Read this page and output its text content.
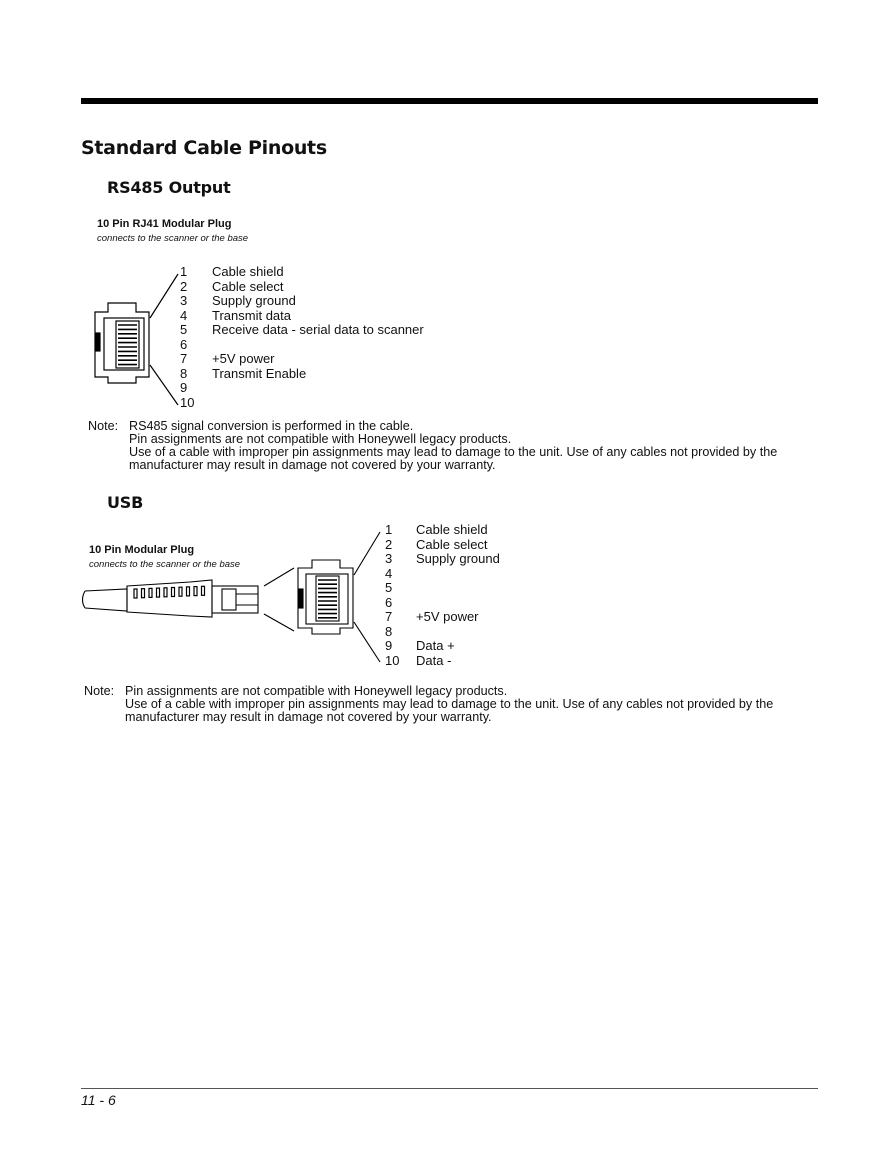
Standard Cable Pinouts
RS485 Output
10 Pin RJ41 Modular Plug
connects to the scanner or the base
1 Cable shield
2 Cable select
3 Supply ground
4 Transmit data
5 Receive data - serial data to scanner
6
7 +5V power
8 Transmit Enable
9
10
Note: RS485 signal conversion is performed in the cable.
Pin assignments are not compatible with Honeywell legacy products.
Use of a cable with improper pin assignments may lead to damage to the unit. Use of any cables not provided by the
manufacturer may result in damage not covered by your warranty.
USB
10 Pin Modular Plug
connects to the scanner or the base
1 Cable shield
2 Cable select
3 Supply ground
4
5
6
7 +5V power
8
9 Data +
10 Data -
Note: Pin assignments are not compatible with Honeywell legacy products.
Use of a cable with improper pin assignments may lead to damage to the unit. Use of any cables not provided by the
manufacturer may result in damage not covered by your warranty.
11 - 6
